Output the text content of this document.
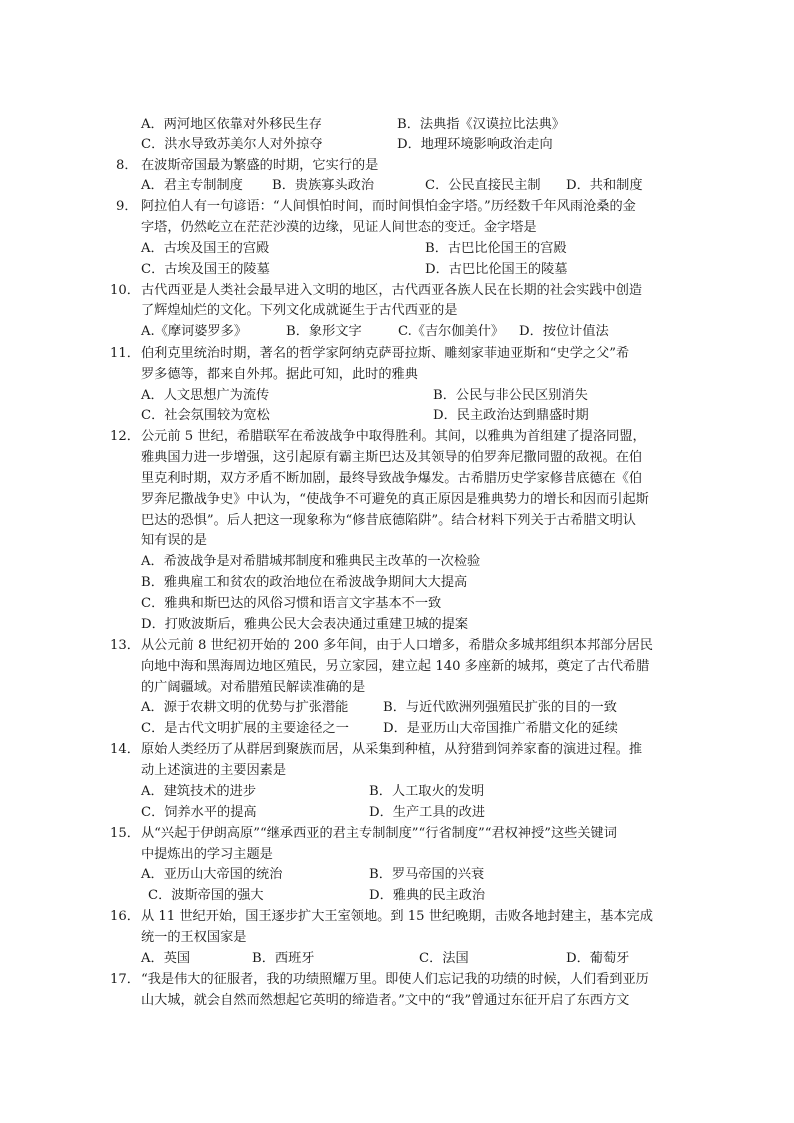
A．两河地区依靠对外移民生存	B．法典指《汉谟拉比法典》
C．洪水导致苏美尔人对外掠夺	D．地理环境影响政治走向
8． 在波斯帝国最为繁盛的时期，它实行的是
A．君主专制制度 B．贵族寡头政治	C．公民直接民主制 D．共和制度
9． 阿拉伯人有一句谚语：“人间惧怕时间，而时间惧怕金字塔。”历经数千年风雨沧桑的金
字塔，仍然屹立在茫茫沙漠的边缘，见证人间世态的变迁。金字塔是
A．古埃及国王的宫殿	B．古巴比伦国王的宫殿
C．古埃及国王的陵墓	D．古巴比伦国王的陵墓
10． 古代西亚是人类社会最早进入文明的地区，古代西亚各族人民在长期的社会实践中创造
了辉煌灿烂的文化。下列文化成就诞生于古代西亚的是
A.《摩诃婆罗多》	B．象形文字	C.《吉尔伽美什》 D．按位计值法
11． 伯利克里统治时期，著名的哲学家阿纳克萨哥拉斯、雕刻家菲迪亚斯和“史学之父”希
罗多德等，都来自外邦。据此可知，此时的雅典
A．人文思想广为流传	B．公民与非公民区别消失
C．社会氛围较为宽松	D．民主政治达到鼎盛时期
12． 公元前 5 世纪，希腊联军在希波战争中取得胜利。其间，以雅典为首组建了提洛同盟，
雅典国力进一步增强，这引起原有霸主斯巴达及其领导的伯罗奔尼撒同盟的敌视。在伯
里克利时期，双方矛盾不断加剧，最终导致战争爆发。古希腊历史学家修昔底德在《伯
罗奔尼撒战争史》中认为，“使战争不可避免的真正原因是雅典势力的增长和因而引起斯
巴达的恐惧”。后人把这一现象称为“修昔底德陷阱”。结合材料下列关于古希腊文明认
知有误的是
A．希波战争是对希腊城邦制度和雅典民主改革的一次检验
B．雅典雇工和贫农的政治地位在希波战争期间大大提高
C．雅典和斯巴达的风俗习惯和语言文字基本不一致
D．打败波斯后，雅典公民大会表决通过重建卫城的提案
13． 从公元前 8 世纪初开始的 200 多年间，由于人口增多，希腊众多城邦组织本邦部分居民
向地中海和黑海周边地区殖民，另立家园，建立起 140 多座新的城邦，奠定了古代希腊
的广阔疆域。对希腊殖民解读准确的是
A．源于农耕文明的优势与扩张潜能	B．与近代欧洲列强殖民扩张的目的一致
C．是古代文明扩展的主要途径之一	D．是亚历山大帝国推广希腊文化的延续
14． 原始人类经历了从群居到聚族而居，从采集到种植，从狩猎到饲养家畜的演进过程。推
动上述演进的主要因素是
A．建筑技术的进步	B．人工取火的发明
C．饲养水平的提高	D．生产工具的改进
15． 从“兴起于伊朗高原”“继承西亚的君主专制制度”“行省制度”“君权神授”这些关键词
中提炼出的学习主题是
A．亚历山大帝国的统治	B．罗马帝国的兴衰
C．波斯帝国的强大	D．雅典的民主政治
16． 从 11 世纪开始，国王逐步扩大王室领地。到 15 世纪晚期，击败各地封建主，基本完成
统一的王权国家是
A．英国	B．西班牙	C．法国	D．葡萄牙
17． “我是伟大的征服者，我的功绩照耀万里。即使人们忘记我的功绩的时候，人们看到亚历
山大城，就会自然而然想起它英明的缔造者。”文中的“我”曾通过东征开启了东西方文
